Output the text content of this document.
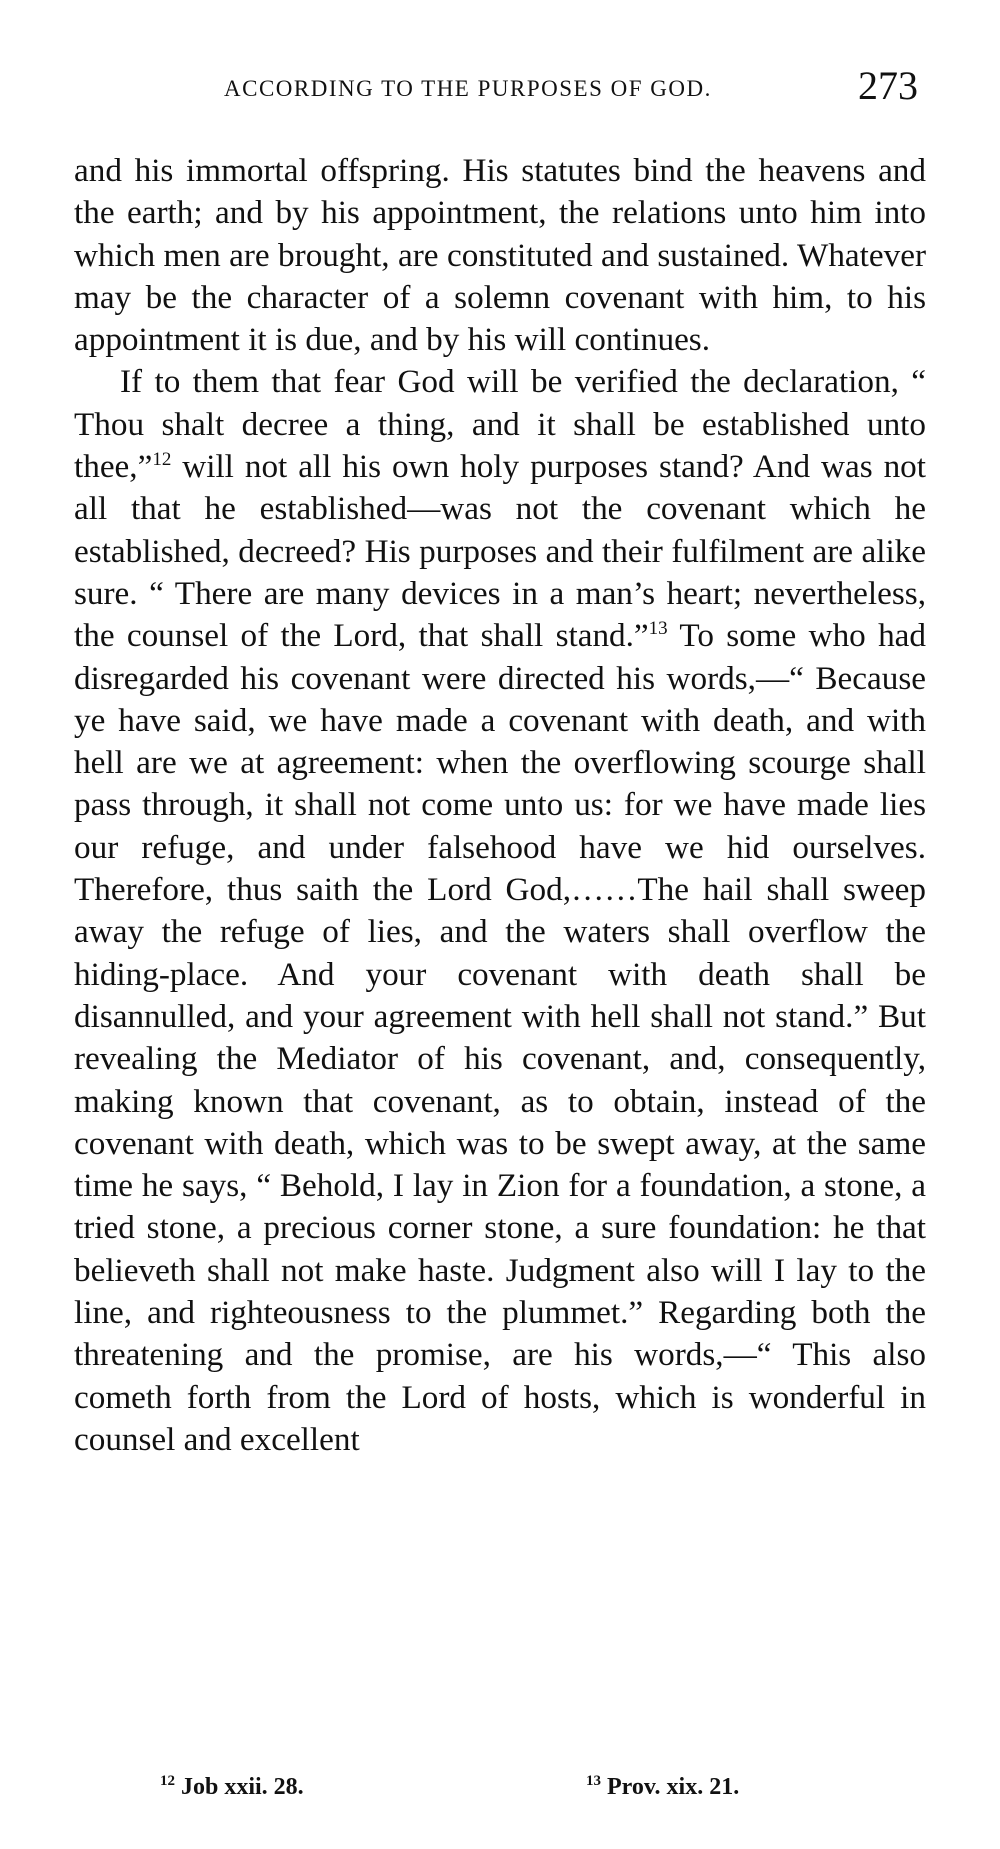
ACCORDING TO THE PURPOSES OF GOD.	273

and his immortal offspring. His statutes bind the heavens and the earth; and by his appointment, the relations unto him into which men are brought, are constituted and sustained. Whatever may be the character of a solemn covenant with him, to his appointment it is due, and by his will continues.

If to them that fear God will be verified the declaration, “ Thou shalt decree a thing, and it shall be established unto thee,”$^{12}$ will not all his own holy purposes stand? And was not all that he established—was not the covenant which he established, decreed? His purposes and their fulfilment are alike sure. “ There are many devices in a man’s heart; nevertheless, the counsel of the Lord, that shall stand.”$^{13}$ To some who had disregarded his covenant were directed his words,—“ Because ye have said, we have made a covenant with death, and with hell are we at agreement: when the overflowing scourge shall pass through, it shall not come unto us: for we have made lies our refuge, and under falsehood have we hid ourselves. Therefore, thus saith the Lord God,……The hail shall sweep away the refuge of lies, and the waters shall overflow the hiding-place. And your covenant with death shall be disannulled, and your agreement with hell shall not stand.” But revealing the Mediator of his covenant, and, consequently, making known that covenant, as to obtain, instead of the covenant with death, which was to be swept away, at the same time he says, “ Behold, I lay in Zion for a foundation, a stone, a tried stone, a precious corner stone, a sure foundation: he that believeth shall not make haste. Judgment also will I lay to the line, and righteousness to the plummet.” Regarding both the threatening and the promise, are his words,—“ This also cometh forth from the Lord of hosts, which is wonderful in counsel and excellent

$^{12}$ Job xxii. 28.	$^{13}$ Prov. xix. 21.
